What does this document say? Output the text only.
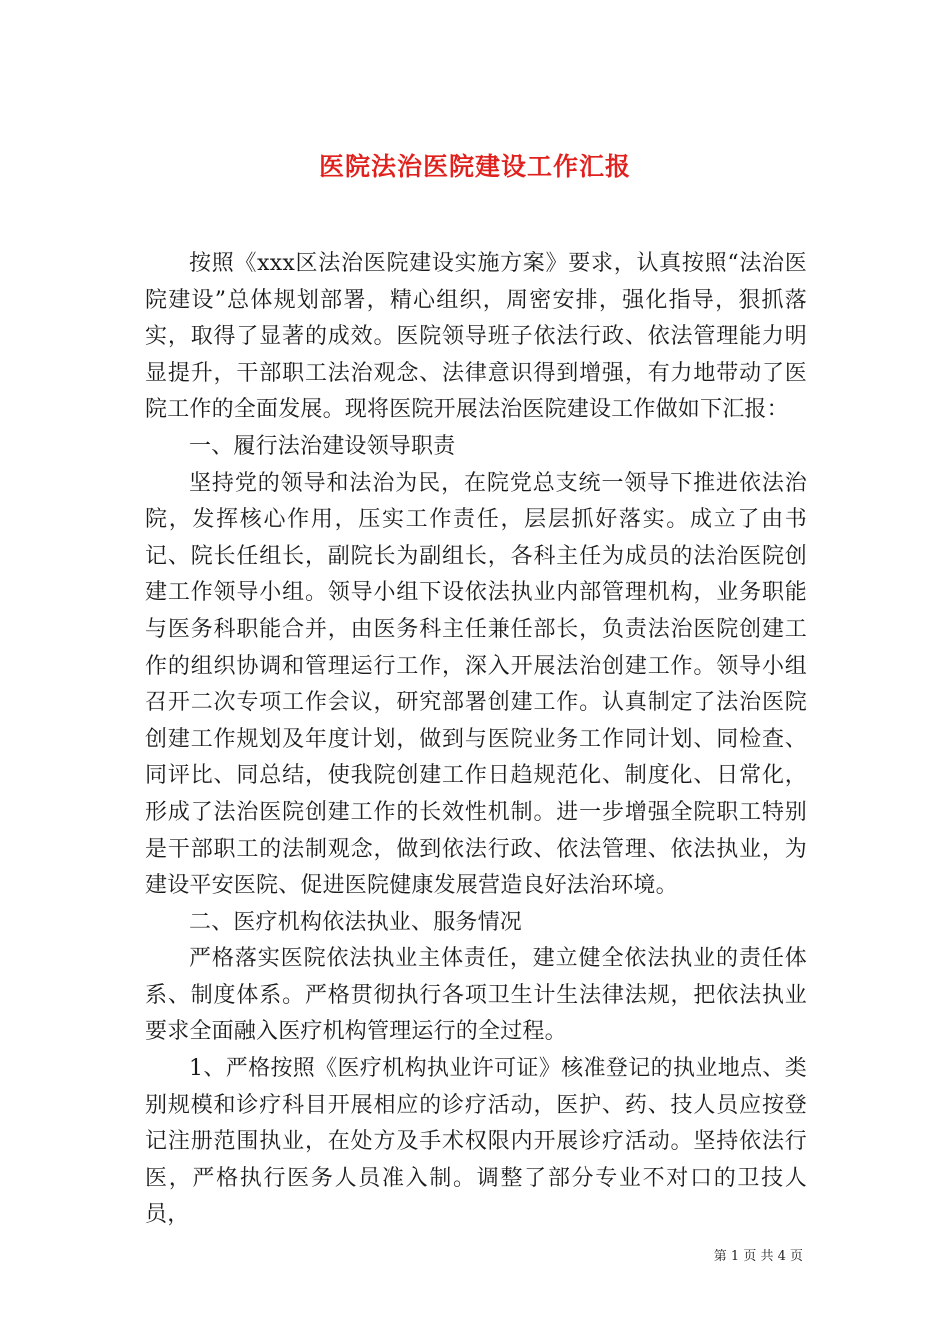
医院法治医院建设工作汇报

按照《xxx区法治医院建设实施方案》要求，认真按照“法治医院建设”总体规划部署，精心组织，周密安排，强化指导，狠抓落实，取得了显著的成效。医院领导班子依法行政、依法管理能力明显提升，干部职工法治观念、法律意识得到增强，有力地带动了医院工作的全面发展。现将医院开展法治医院建设工作做如下汇报：

一、履行法治建设领导职责

坚持党的领导和法治为民，在院党总支统一领导下推进依法治院，发挥核心作用，压实工作责任，层层抓好落实。成立了由书记、院长任组长，副院长为副组长，各科主任为成员的法治医院创建工作领导小组。领导小组下设依法执业内部管理机构，业务职能与医务科职能合并，由医务科主任兼任部长，负责法治医院创建工作的组织协调和管理运行工作，深入开展法治创建工作。领导小组召开二次专项工作会议，研究部署创建工作。认真制定了法治医院创建工作规划及年度计划，做到与医院业务工作同计划、同检查、同评比、同总结，使我院创建工作日趋规范化、制度化、日常化，形成了法治医院创建工作的长效性机制。进一步增强全院职工特别是干部职工的法制观念，做到依法行政、依法管理、依法执业，为建设平安医院、促进医院健康发展营造良好法治环境。

二、医疗机构依法执业、服务情况

严格落实医院依法执业主体责任，建立健全依法执业的责任体系、制度体系。严格贯彻执行各项卫生计生法律法规，把依法执业要求全面融入医疗机构管理运行的全过程。

1、严格按照《医疗机构执业许可证》核准登记的执业地点、类别规模和诊疗科目开展相应的诊疗活动，医护、药、技人员应按登记注册范围执业，在处方及手术权限内开展诊疗活动。坚持依法行医，严格执行医务人员准入制。调整了部分专业不对口的卫技人员，

第 1 页 共 4 页
